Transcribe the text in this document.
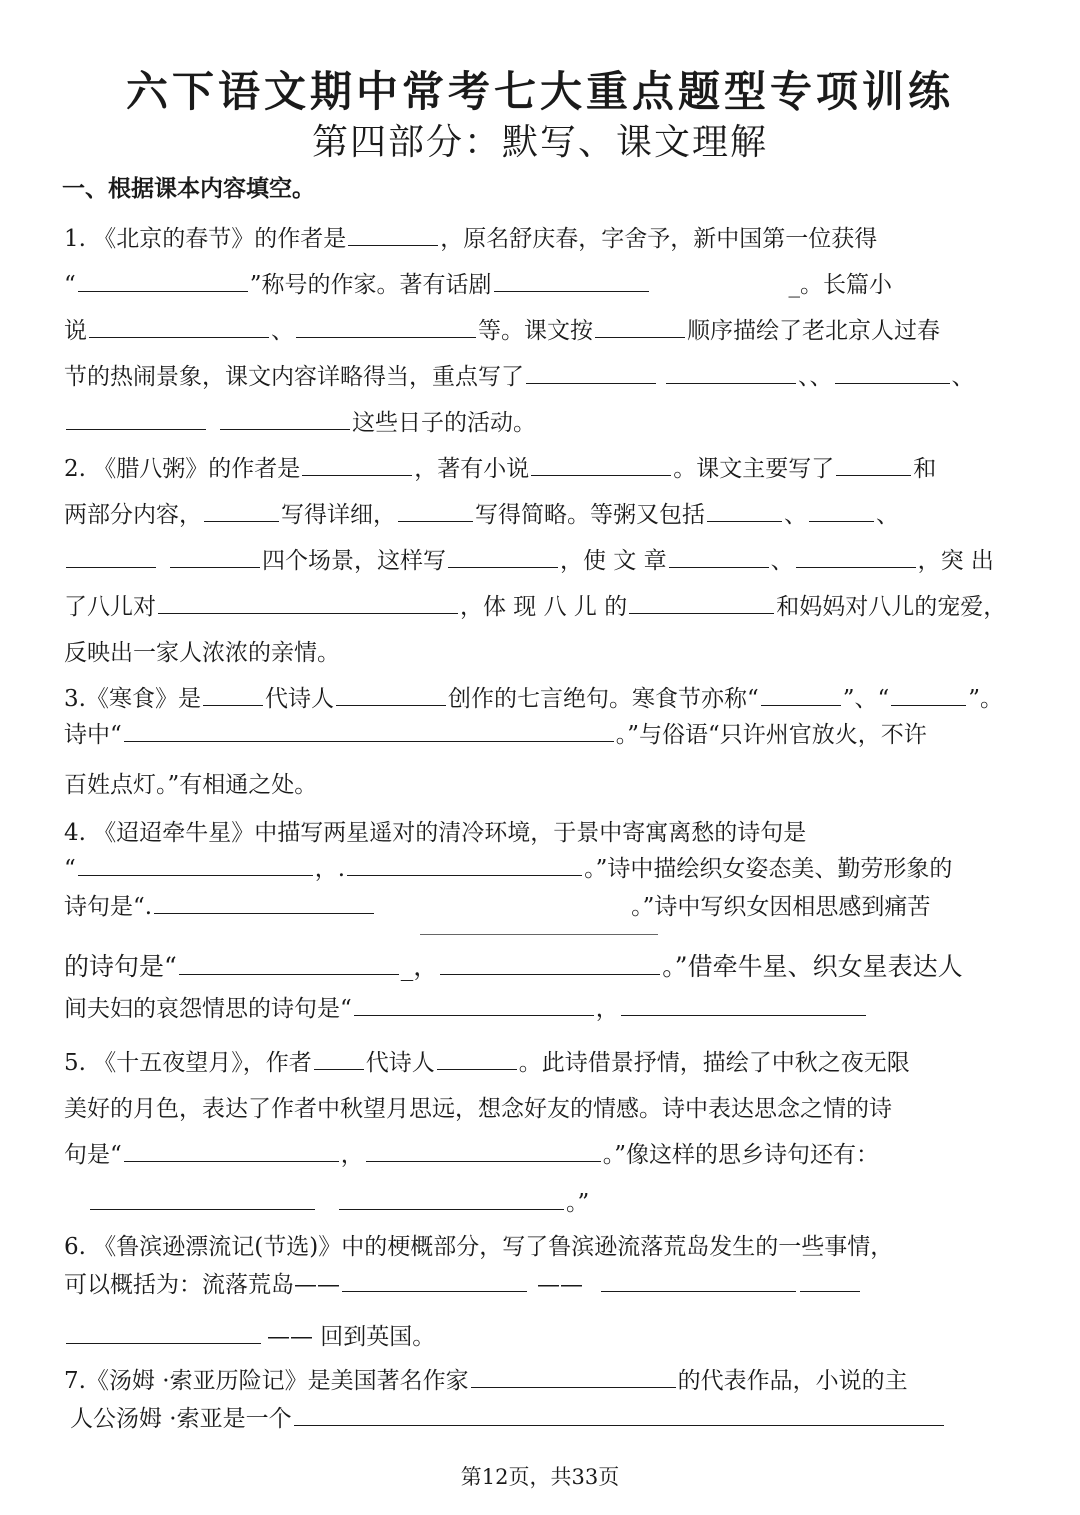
六下语文期中常考七大重点题型专项训练
第四部分：默写、课文理解
一、根据课本内容填空。
1. 《北京的春节》的作者是	，原名舒庆春，字舍予，新中国第一位获得
“	”称号的作家。著有话剧	_。长篇小
说	、	等。课文按	顺序描绘了老北京人过春
节的热闹景象，课文内容详略得当，重点写了	、、	、
这些日子的活动。
2. 《腊八粥》的作者是	，著有小说	。课文主要写了	和
两部分内容，	写得详细，	写得简略。等粥又包括	、	、
四个场景，这样写	，使 文 章	、	，突 出
了八儿对	，体 现 八 儿 的	和妈妈对八儿的宠爱，
反映出一家人浓浓的亲情。
3.《寒食》是	代诗人	创作的七言绝句。寒食节亦称“	”、“	”。
诗中“	。”与俗语“只许州官放火，不许
百姓点灯。”有相通之处。
4. 《迢迢牵牛星》中描写两星遥对的清冷环境，于景中寄寓离愁的诗句是
“	，.	。”诗中描绘织女姿态美、勤劳形象的
诗句是“.	。”诗中写织女因相思感到痛苦
的诗句是“	_，	。”借牵牛星、织女星表达人
间夫妇的哀怨情思的诗句是“	，
5. 《十五夜望月》，作者 代诗人	。此诗借景抒情，描绘了中秋之夜无限
美好的月色，表达了作者中秋望月思远，想念好友的情感。诗中表达思念之情的诗
句是“	，	。”像这样的思乡诗句还有：
。”
6. 《鲁滨逊漂流记(节选)》中的梗概部分，写了鲁滨逊流落荒岛发生的一些事情，
可以概括为：流落荒岛——	——
—— 回到英国。
7.《汤姆 ·索亚历险记》是美国著名作家	的代表作品，小说的主
人公汤姆 ·索亚是一个
第12页，共33页
